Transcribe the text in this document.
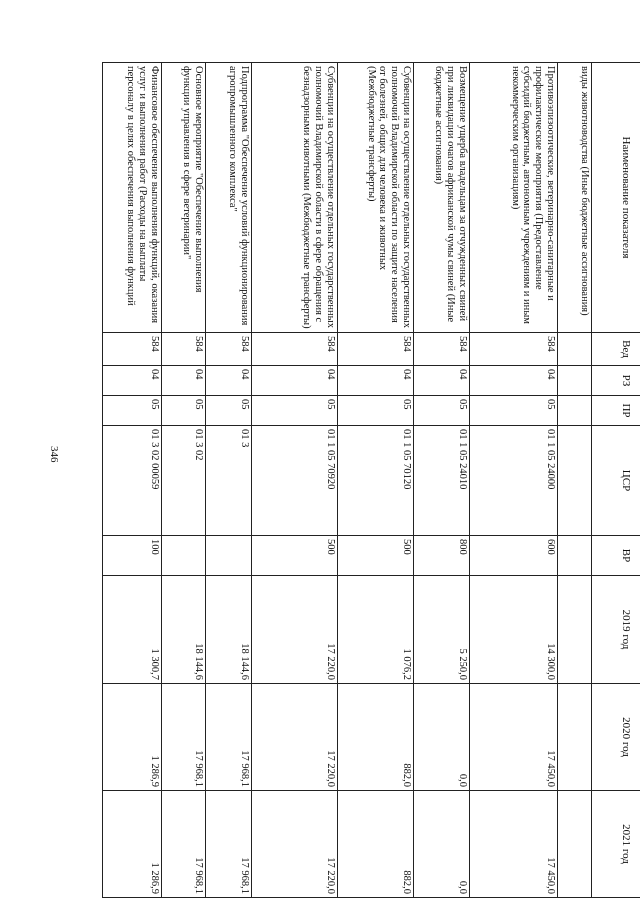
346
Наименование показателя	Вед	РЗ	ПР	ЦСР	ВР	2019 год	2020 год	2021 год
виды животноводства (Иные бюджетные ассигнования)								
Противоэпизоотические, ветеринарно-санитарные и профилактические мероприятия (Предоставление субсидий бюджетным, автономным учреждениям и иным некоммерческим организациям)	584	04	05	01 1 05 24000	600	14 300,0	17 450,0	17 450,0
Возмещение ущерба владельцам за отчужденных свиней при ликвидации очагов африканской чумы свиней (Иные бюджетные ассигнования)	584	04	05	01 1 05 24010	800	5 250,0	0,0	0,0
Субвенции на осуществление отдельных государственных полномочий Владимирской области по защите населения от болезней, общих для человека и животных (Межбюджетные трансферты)	584	04	05	01 1 05 70120	500	1 076,2	882,0	882,0
Субвенции на осуществление отдельных государственных полномочий Владимирской области в сфере обращения с безнадзорными животными (Межбюджетные трансферты)	584	04	05	01 1 05 70920	500	17 220,0	17 220,0	17 220,0
Подпрограмма "Обеспечение условий функционирования агропромышленного комплекса"	584	04	05	01 3		18 144,6	17 968,1	17 968,1
Основное мероприятие "Обеспечение выполнения функции управления в сфере ветеринарии"	584	04	05	01 3 02		18 144,6	17 968,1	17 968,1
Финансовое обеспечение выполнения функций, оказания услуг и выполнения работ (Расходы на выплаты персоналу в целях обеспечения выполнения функций	584	04	05	01 3 02 00059	100	1 300,7	1 286,9	1 286,9
